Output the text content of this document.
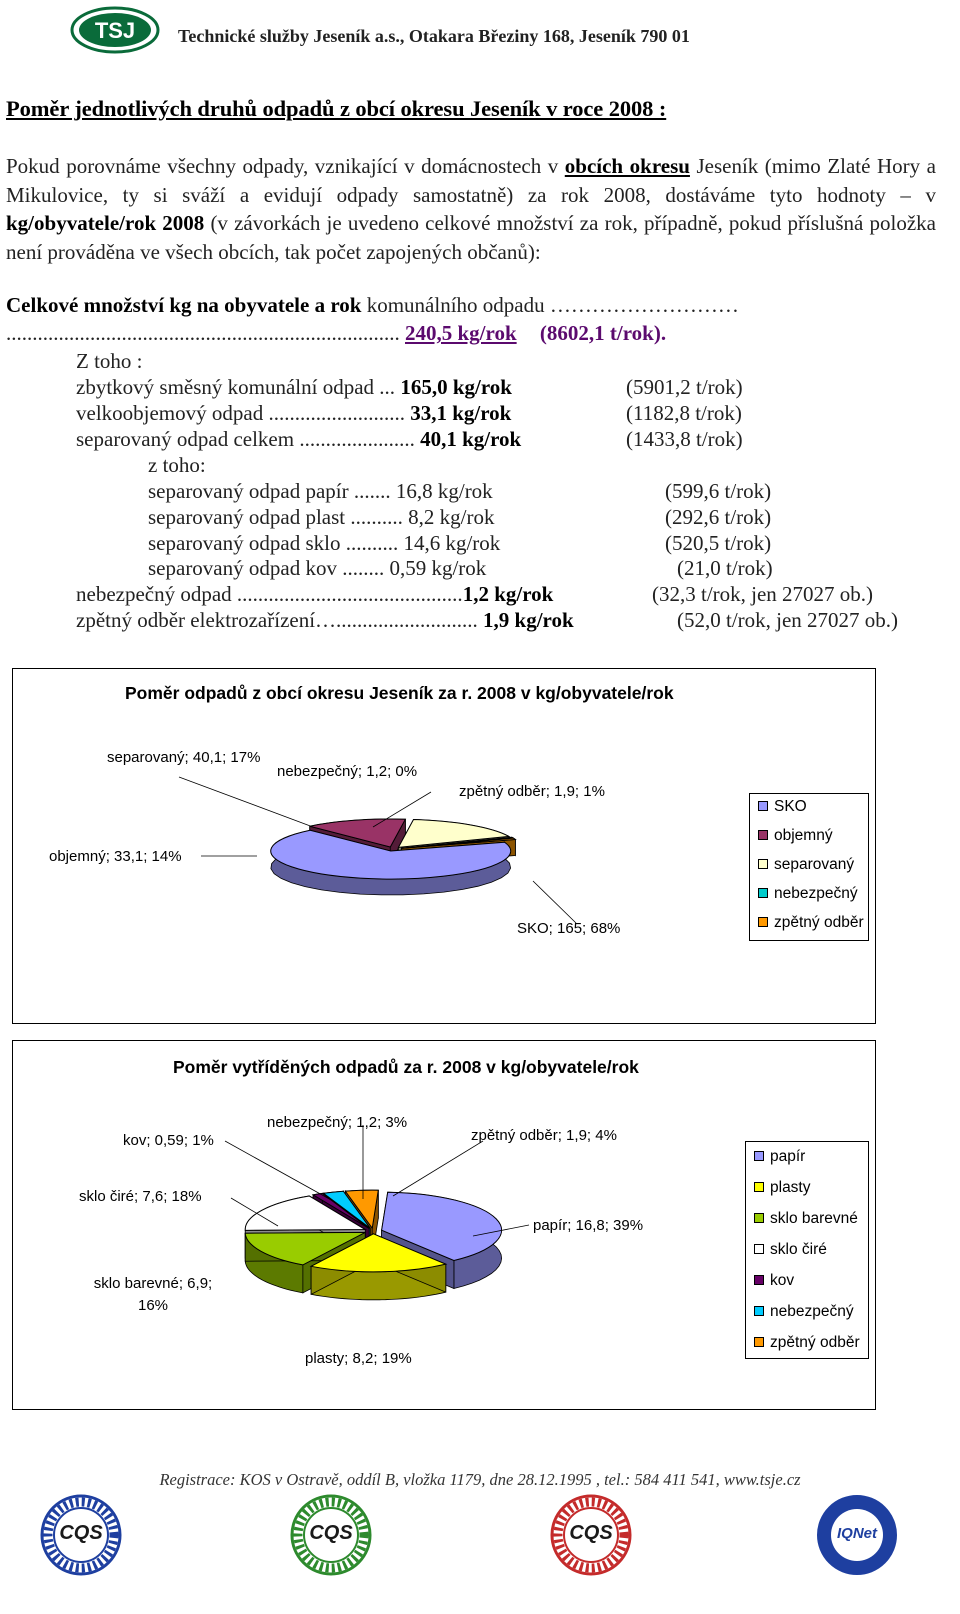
TSJ Technické služby Jeseník a.s., Otakara Březiny 168, Jeseník 790 01
Poměr jednotlivých druhů odpadů z obcí okresu Jeseník v roce 2008 :
Pokud porovnáme všechny odpady, vznikající v domácnostech v obcích okresu Jeseník (mimo Zlaté Hory a Mikulovice, ty si sváží a evidují odpady samostatně) za rok 2008, dostáváme tyto hodnoty – v kg/obyvatele/rok 2008 (v závorkách je uvedeno celkové množství za rok, případně, pokud příslušná položka není prováděna ve všech obcích, tak počet zapojených občanů):
Celkové množství kg na obyvatele a rok komunálního odpadu ………………………
........................................................................... 240,5 kg/rok (8602,1 t/rok).
Z toho :
zbytkový směsný komunální odpad ... 165,0 kg/rok	(5901,2 t/rok)
velkoobjemový odpad .......................... 33,1 kg/rok	(1182,8 t/rok)
separovaný odpad celkem ...................... 40,1 kg/rok	(1433,8 t/rok)
z toho:
separovaný odpad papír ....... 16,8 kg/rok	(599,6 t/rok)
separovaný odpad plast .......... 8,2 kg/rok	(292,6 t/rok)
separovaný odpad sklo .......... 14,6 kg/rok	(520,5 t/rok)
separovaný odpad kov ........ 0,59 kg/rok	(21,0 t/rok)
nebezpečný odpad ...........................................1,2 kg/rok	(32,3 t/rok, jen 27027 ob.)
zpětný odběr elektrozařízení…........................... 1,9 kg/rok	(52,0 t/rok, jen 27027 ob.)
Poměr odpadů z obcí okresu Jeseník za r. 2008 v kg/obyvatele/rok
separovaný; 40,1; 17%
nebezpečný; 1,2; 0%
zpětný odběr; 1,9; 1%
objemný; 33,1; 14%
SKO; 165; 68%
SKO
objemný
separovaný
nebezpečný
zpětný odběr
Poměr vytříděných odpadů za r. 2008 v kg/obyvatele/rok
kov; 0,59; 1%
nebezpečný; 1,2; 3%
zpětný odběr; 1,9; 4%
sklo čiré; 7,6; 18%
papír; 16,8; 39%
sklo barevné; 6,9; 16%
plasty; 8,2; 19%
papír
plasty
sklo barevné
sklo čiré
kov
nebezpečný
zpětný odběr
Registrace: KOS v Ostravě, oddíl B, vložka 1179, dne 28.12.1995 , tel.: 584 411 541, www.tsje.cz
CQS	CQS	CQS	IQNet
